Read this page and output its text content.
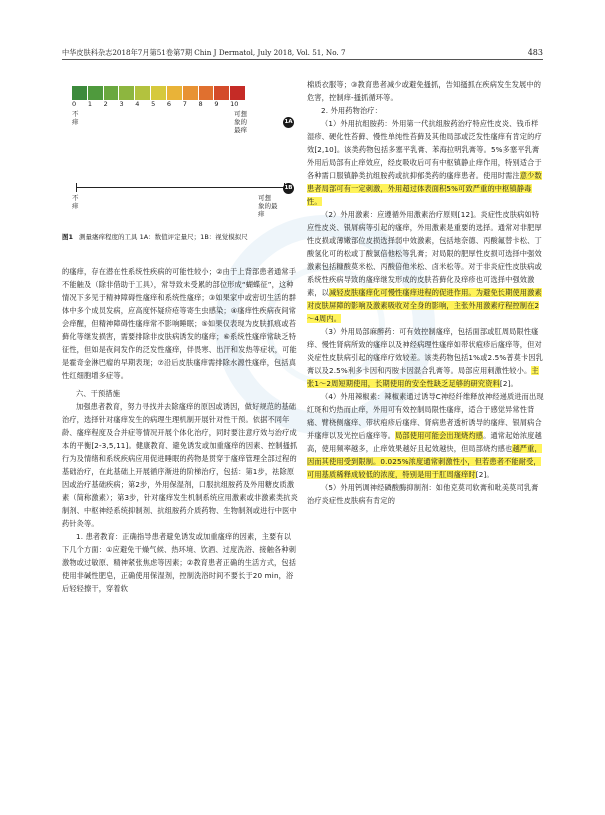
中华皮肤科杂志2018年7月第51卷第7期 Chin J Dermatol, July 2018, Vol. 51, No. 7	483
0	1	2	3	4	5	6	7	8	9	10
不
痒
可想
象的
最痒
1A
不
痒
可想
象的最
痒
1B
图1 测量瘙痒程度的工具 1A：数值评定量尺；1B：视觉模拟尺

的瘙痒，存在潜在性系统性疾病的可能性较小；②由于上背部患者通常手不能触及（除非借助于工具），常导致未受累的部位形成“蝴蝶征”，这种情况下多见于精神障碍性瘙痒和系统性瘙痒；③如果家中或密切生活的群体中多个成员发病，应高度怀疑疥疮等寄生虫感染；④瘙痒性疾病夜间常会痒醒，但精神障碍性瘙痒常不影响睡眠；⑤如果仅表现为皮肤抓痕或苔藓化等继发损害，需要排除非皮肤病诱发的瘙痒；⑥系统性瘙痒常缺乏特征性，但如是夜间发作的泛发性瘙痒，伴畏寒、出汗和发热等症状，可能是霍奇金淋巴瘤的早期表现；⑦沿后皮肤瘙痒需排除水源性瘙痒，包括真性红细胞增多症等。

六、干预措施

加强患者教育，努力寻找并去除瘙痒的原因或诱因，做好规范的基础治疗，选择针对瘙痒发生的病理生理机制开展针对性干预。依据不同年龄、瘙痒程度及合并症等情况开展个体化治疗，同时要注意疗效与治疗成本的平衡[2-3,5,11]。健康教育、避免诱发或加重瘙痒的因素、控制搔抓行为及情绪和系统疾病应用促进睡眠的药物是贯穿于瘙痒管理全部过程的基础治疗，在此基础上开展循序渐进的阶梯治疗，包括：第1步，祛除原因或治疗基础疾病；第2步，外用保湿剂，口服抗组胺药及外用糖皮质激素（简称激素）；第3步，针对瘙痒发生机制系统应用激素或非激素类抗炎制剂、中枢神经系统抑制剂、抗组胺药介质药物、生物制剂或进行中医中药针灸等。

1. 患者教育：正确指导患者避免诱发或加重瘙痒的因素，主要有以下几个方面：①应避免干燥气候、热环境、饮酒、过度洗浴、接触各种刺激物或过敏原、精神紧张焦虑等因素；②教育患者正确的生活方式，包括使用非碱性肥皂，正确使用保湿剂，控制洗浴时间不要长于20 min，浴后轻轻擦干，穿着软

棉质衣服等；③教育患者减少或避免搔抓，告知搔抓在疾病发生发展中的危害，控制痒-搔抓循环等。

2. 外用药物治疗：

（1）外用抗组胺药：外用第一代抗组胺药治疗特应性皮炎、钱币样湿疹、硬化性苔藓、慢性单纯性苔藓及其他局部或泛发性瘙痒有肯定的疗效[2,10]。该类药物包括多塞平乳膏、苯海拉明乳膏等。5%多塞平乳膏外用后局部有止痒效应，经皮吸收后可有中枢镇静止痒作用，特别适合于各种需口服镇静类抗组胺药或抗抑郁类药的瘙痒患者。使用时需注意少数患者局部可有一定刺激，外用超过体表面积5%可致严重的中枢镇静毒性。

（2）外用激素：应遵循外用激素治疗原则[12]。炎症性皮肤病如特应性皮炎、银屑病等引起的瘙痒，外用激素是重要的选择。通常对非肥厚性皮损或薄嫩部位皮损选择弱中效激素，包括地奈德、丙酸氟替卡松、丁酸氢化可的松或丁酸氯倍他松等乳膏；对局限的肥厚性皮损可选择中强效激素包括糠酸莫米松、丙酸倍他米松、卤米松等。对于非炎症性皮肤病或系统性疾病导致的瘙痒继发形成的皮肤苔藓化及痒疹也可选择中强效激素，以减轻皮肤瘙痒化可慢性瘙痒进程的促进作用。为避免长期使用激素对皮肤屏障的影响及激素吸收对全身的影响，主张外用激素疗程控制在2～4周内。

（3）外用局部麻醉药：可有效控制瘙痒，包括面部或肛周局限性瘙痒、慢性肾病所致的瘙痒以及神经病理性瘙痒如带状疱疹后瘙痒等，但对炎症性皮肤病引起的瘙痒疗效较差。该类药物包括1%或2.5%普莫卡因乳膏以及2.5%利多卡因和丙胺卡因混合乳膏等。局部应用刺激性较小。主张1～2周短期使用，长期使用的安全性缺乏足够的研究资料[2]。

（4）外用辣椒素：辣椒素通过诱导C神经纤维释放神经递质进而出现红斑和灼热而止痒，外用可有效控制局限性瘙痒，适合于感觉异常性背痛、臂桡侧瘙痒、带状疱疹后瘙痒、肾病患者透析诱导的瘙痒、银屑病合并瘙痒以及光控后瘙痒等。局部使用可能会出现烧灼感。通常起始浓度越高，使用频率越多，止痒效果越好且起效越快，但局部烧灼感也越严重，因而其使用受到限制。0.025%浓度通常刺激性小，但若患者不能耐受，可用基质稀释成较低的浓度，特别是用于肛周瘙痒时[2]。

（5）外用钙调神经磷酸酶抑制剂：如他克莫司软膏和吡美莫司乳膏治疗炎症性皮肤病有肯定的
